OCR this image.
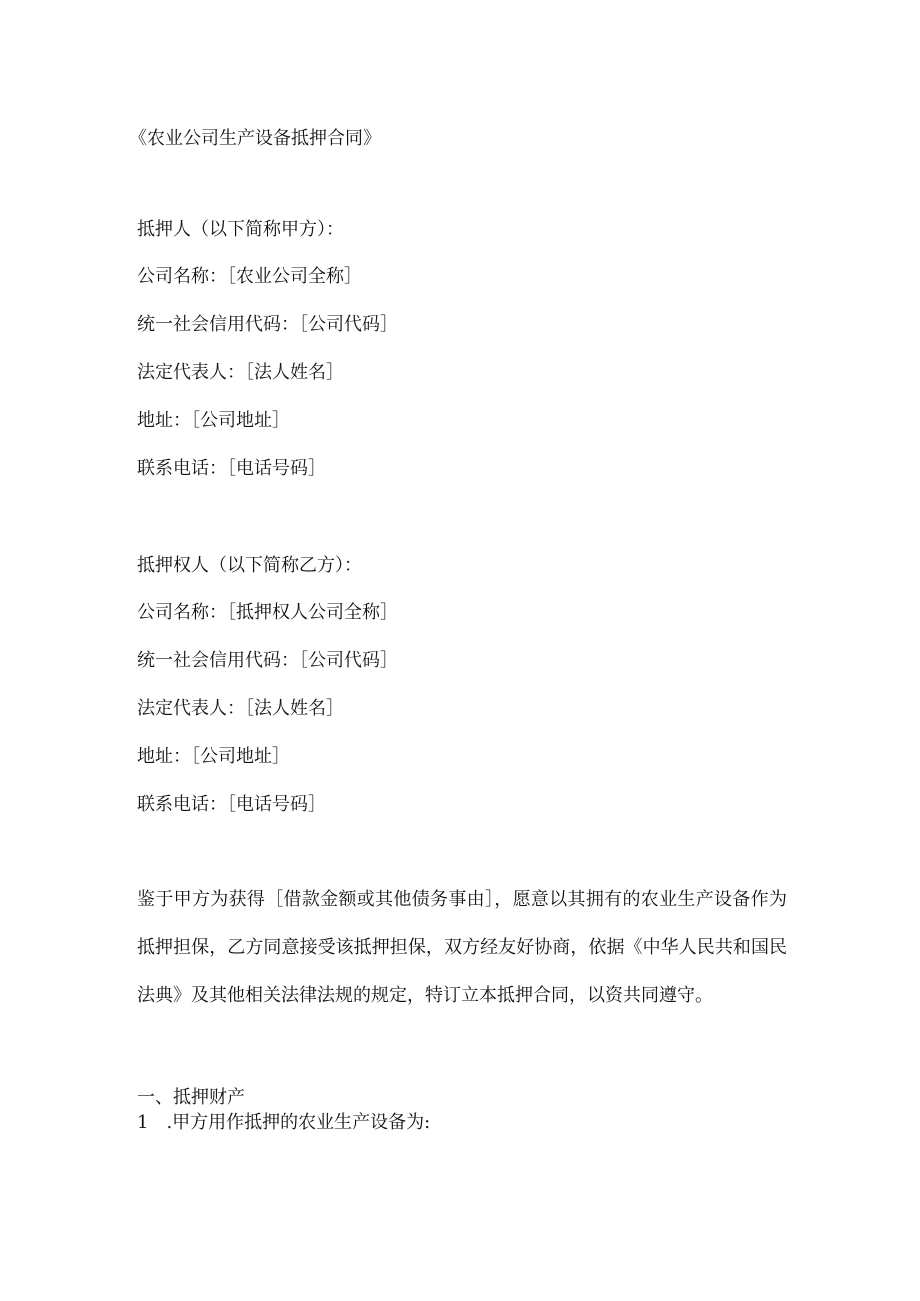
《农业公司生产设备抵押合同》
抵押人（以下简称甲方）：
公司名称：［农业公司全称］
统一社会信用代码：［公司代码］
法定代表人：［法人姓名］
地址：［公司地址］
联系电话：［电话号码］
抵押权人（以下简称乙方）：
公司名称：［抵押权人公司全称］
统一社会信用代码：［公司代码］
法定代表人：［法人姓名］
地址：［公司地址］
联系电话：［电话号码］
鉴于甲方为获得［借款金额或其他债务事由］，愿意以其拥有的农业生产设备作为抵押担保，乙方同意接受该抵押担保，双方经友好协商，依据《中华人民共和国民法典》及其他相关法律法规的规定，特订立本抵押合同，以资共同遵守。
一、抵押财产
1　.甲方用作抵押的农业生产设备为:
